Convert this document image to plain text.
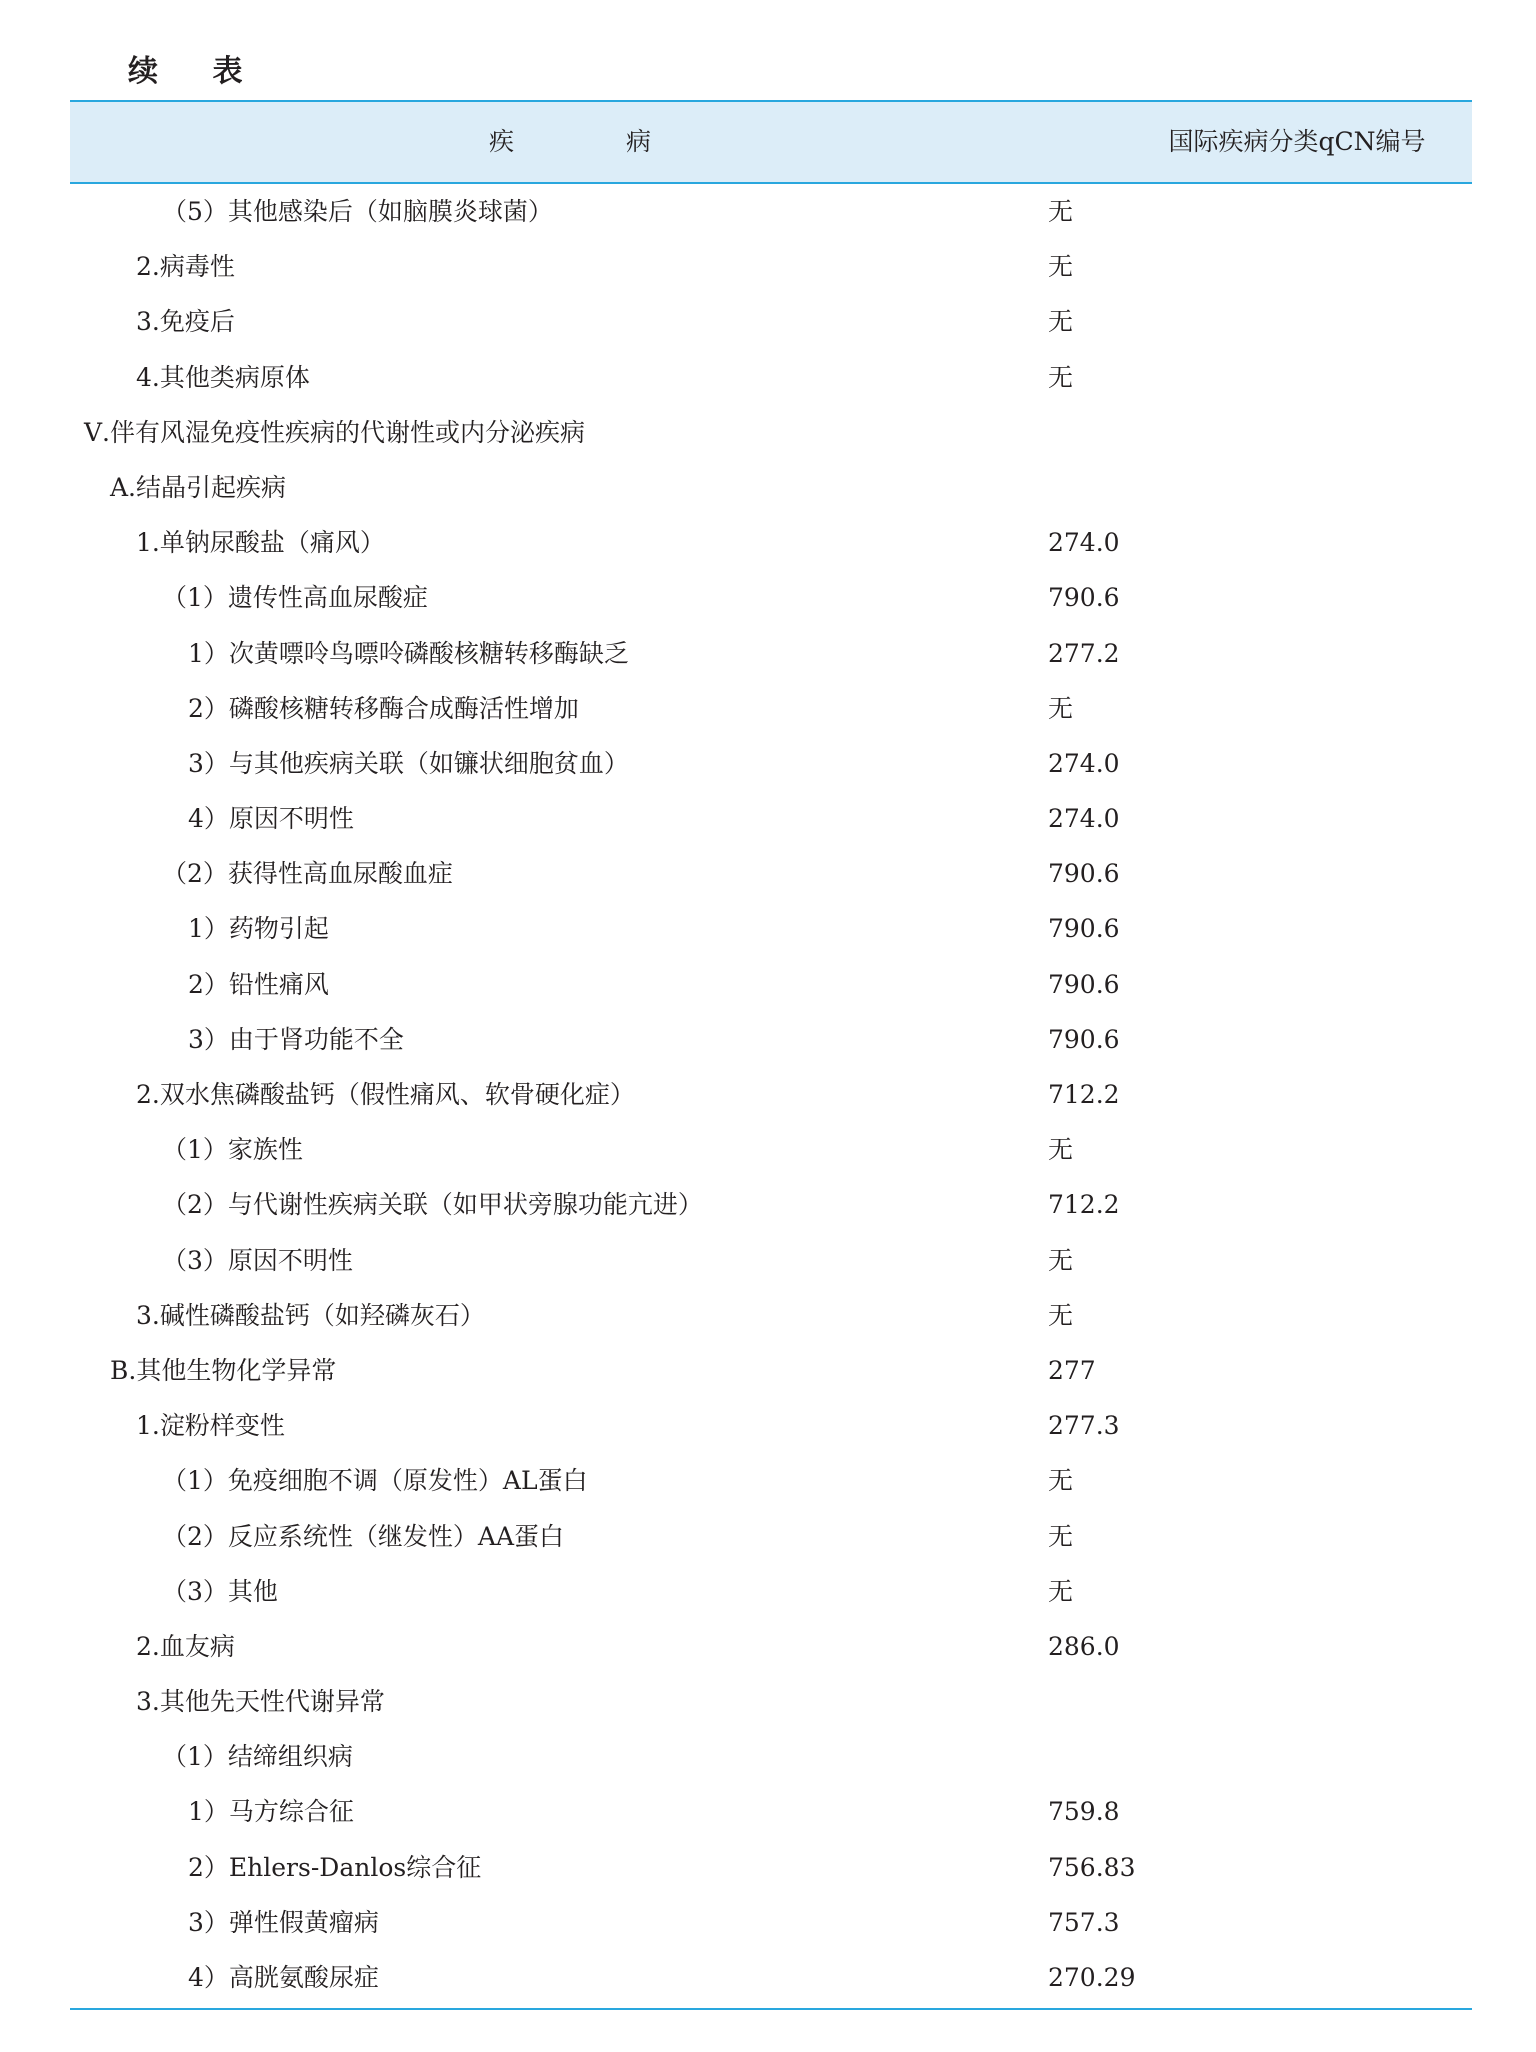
续 表
疾 病	国际疾病分类qCN编号
（5）其他感染后（如脑膜炎球菌）	无
2.病毒性	无
3.免疫后	无
4.其他类病原体	无
Ⅴ.伴有风湿免疫性疾病的代谢性或内分泌疾病
A.结晶引起疾病
1.单钠尿酸盐（痛风）	274.0
（1）遗传性高血尿酸症	790.6
1）次黄嘌呤鸟嘌呤磷酸核糖转移酶缺乏	277.2
2）磷酸核糖转移酶合成酶活性增加	无
3）与其他疾病关联（如镰状细胞贫血）	274.0
4）原因不明性	274.0
（2）获得性高血尿酸血症	790.6
1）药物引起	790.6
2）铅性痛风	790.6
3）由于肾功能不全	790.6
2.双水焦磷酸盐钙（假性痛风、软骨硬化症）	712.2
（1）家族性	无
（2）与代谢性疾病关联（如甲状旁腺功能亢进）	712.2
（3）原因不明性	无
3.碱性磷酸盐钙（如羟磷灰石）	无
B.其他生物化学异常	277
1.淀粉样变性	277.3
（1）免疫细胞不调（原发性）AL蛋白	无
（2）反应系统性（继发性）AA蛋白	无
（3）其他	无
2.血友病	286.0
3.其他先天性代谢异常
（1）结缔组织病
1）马方综合征	759.8
2）Ehlers-Danlos综合征	756.83
3）弹性假黄瘤病	757.3
4）高胱氨酸尿症	270.29
